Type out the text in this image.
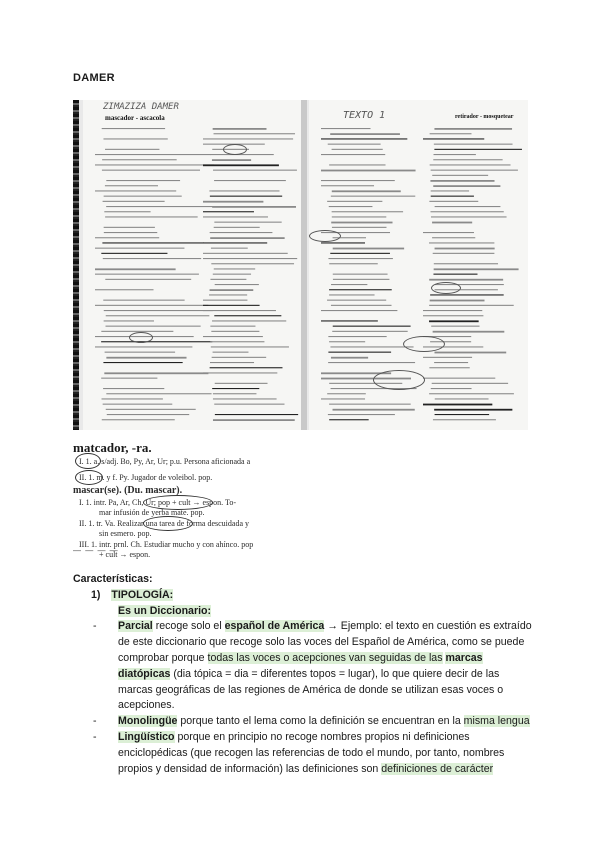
DAMER
ZIMAZIZA DAMER
TEXTO 1
mascador - ascacola	retirador - mosquetear
matcador, -ra.
I. 1. a. s/adj. Bo, Py, Ar, Ur; p.u. Persona aficionada a
II. 1. m. y f. Py. Jugador de voleibol. pop.
mascar(se). (Du. mascar).
I. 1. intr. Pa, Ar, Ch, Ur; pop + cult → espon. To-
mar infusión de yerba mate. pop.
II. 1. tr. Va. Realizar una tarea de forma descuidada y
sin esmero. pop.
III. 1. intr. prnl. Ch. Estudiar mucho y con ahínco. pop
+ cult → espon.
— — — —
Características:
1) TIPOLOGÍA:
Es un Diccionario:
- Parcial recoge solo el español de América → Ejemplo: el texto en cuestión es extraído de este diccionario que recoge solo las voces del Español de América, como se puede comprobar porque todas las voces o acepciones van seguidas de las marcas diatópicas (dia tópica = dia = diferentes topos = lugar), lo que quiere decir de las marcas geográficas de las regiones de América de donde se utilizan esas voces o acepciones.
- Monolingüe porque tanto el lema como la definición se encuentran en la misma lengua
- Lingüístico porque en principio no recoge nombres propios ni definiciones enciclopédicas (que recogen las referencias de todo el mundo, por tanto, nombres propios y densidad de información) las definiciones son definiciones de carácter
